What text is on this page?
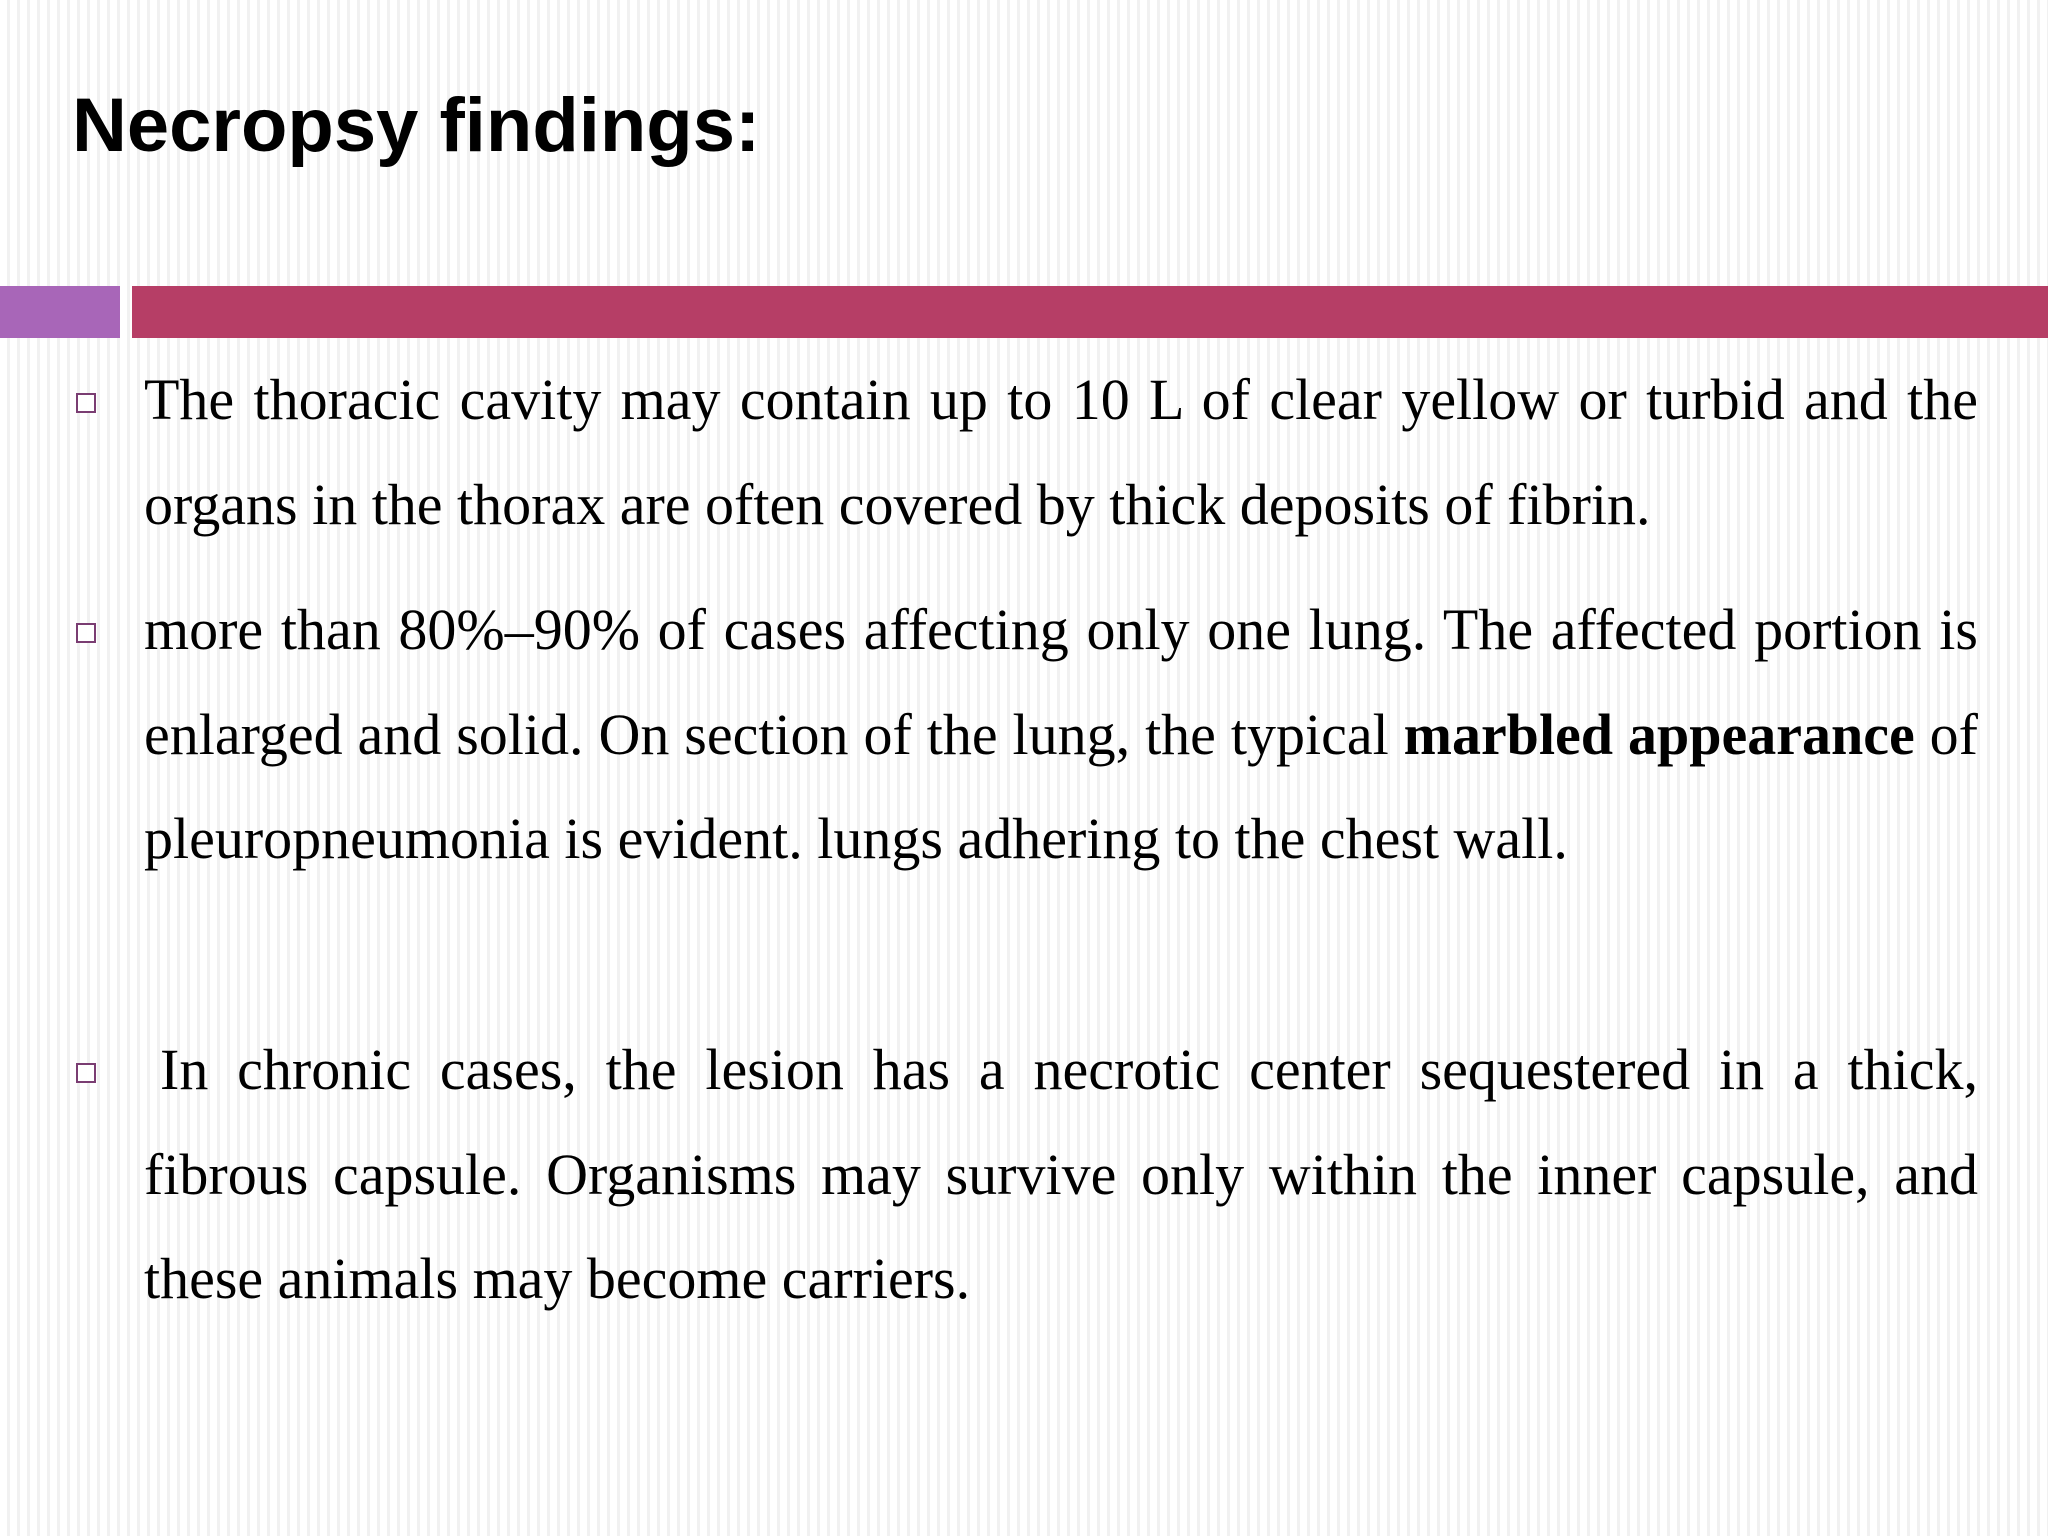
Necropsy findings:

The thoracic cavity may contain up to 10 L of clear yellow or turbid and the organs in the thorax are often covered by thick deposits of fibrin.

more than 80%–90% of cases affecting only one lung. The affected portion is enlarged and solid. On section of the lung, the typical marbled appearance of pleuropneumonia is evident. lungs adhering to the chest wall.

In chronic cases, the lesion has a necrotic center sequestered in a thick, fibrous capsule. Organisms may survive only within the inner capsule, and these animals may become carriers.
